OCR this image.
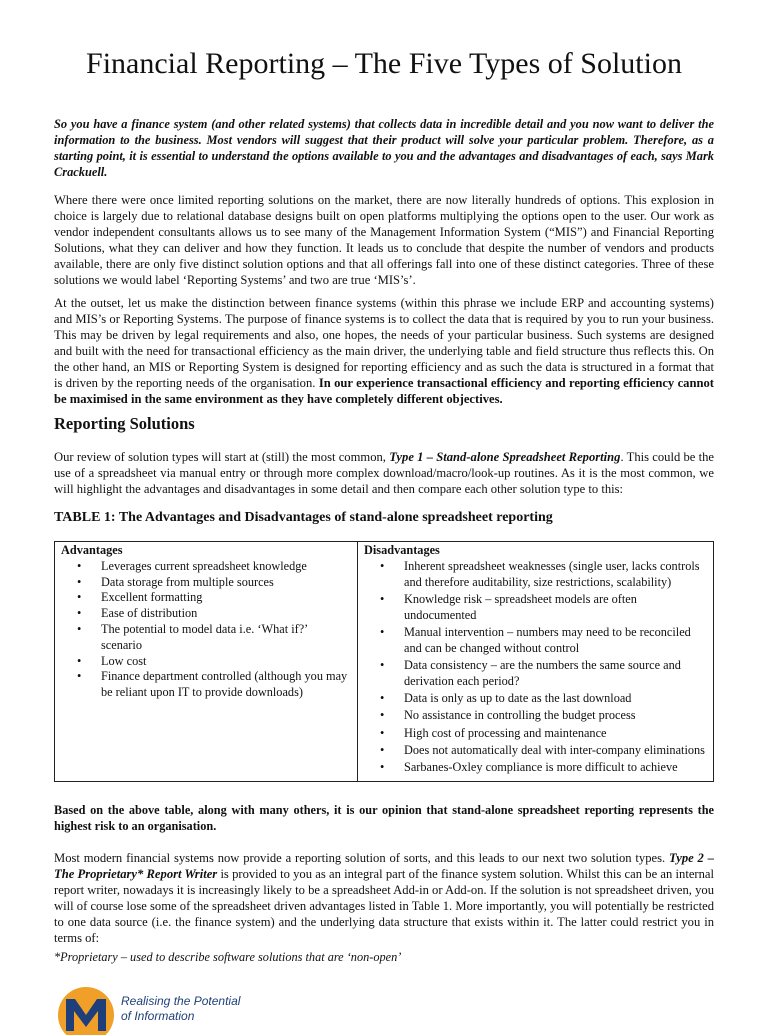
Financial Reporting – The Five Types of Solution

So you have a finance system (and other related systems) that collects data in incredible detail and you now want to deliver the information to the business. Most vendors will suggest that their product will solve your particular problem. Therefore, as a starting point, it is essential to understand the options available to you and the advantages and disadvantages of each, says Mark Crackuell.

Where there were once limited reporting solutions on the market, there are now literally hundreds of options. This explosion in choice is largely due to relational database designs built on open platforms multiplying the options open to the user. Our work as vendor independent consultants allows us to see many of the Management Information System (“MIS”) and Financial Reporting Solutions, what they can deliver and how they function. It leads us to conclude that despite the number of vendors and products available, there are only five distinct solution options and that all offerings fall into one of these distinct categories. Three of these solutions we would label ‘Reporting Systems’ and two are true ‘MIS’s’.

At the outset, let us make the distinction between finance systems (within this phrase we include ERP and accounting systems) and MIS’s or Reporting Systems. The purpose of finance systems is to collect the data that is required by you to run your business. This may be driven by legal requirements and also, one hopes, the needs of your particular business. Such systems are designed and built with the need for transactional efficiency as the main driver, the underlying table and field structure thus reflects this. On the other hand, an MIS or Reporting System is designed for reporting efficiency and as such the data is structured in a format that is driven by the reporting needs of the organisation. In our experience transactional efficiency and reporting efficiency cannot be maximised in the same environment as they have completely different objectives.

Reporting Solutions

Our review of solution types will start at (still) the most common, Type 1 – Stand-alone Spreadsheet Reporting. This could be the use of a spreadsheet via manual entry or through more complex download/macro/look-up routines. As it is the most common, we will highlight the advantages and disadvantages in some detail and then compare each other solution type to this:

TABLE 1: The Advantages and Disadvantages of stand-alone spreadsheet reporting
Advantages
• Leverages current spreadsheet knowledge
• Data storage from multiple sources
• Excellent formatting
• Ease of distribution
• The potential to model data i.e. ‘What if?’ scenario
• Low cost
• Finance department controlled (although you may be reliant upon IT to provide downloads)

Disadvantages
• Inherent spreadsheet weaknesses (single user, lacks controls and therefore auditability, size restrictions, scalability)
• Knowledge risk – spreadsheet models are often undocumented
• Manual intervention – numbers may need to be reconciled and can be changed without control
• Data consistency – are the numbers the same source and derivation each period?
• Data is only as up to date as the last download
• No assistance in controlling the budget process
• High cost of processing and maintenance
• Does not automatically deal with inter-company eliminations
• Sarbanes-Oxley compliance is more difficult to achieve

Based on the above table, along with many others, it is our opinion that stand-alone spreadsheet reporting represents the highest risk to an organisation.

Most modern financial systems now provide a reporting solution of sorts, and this leads to our next two solution types. Type 2 – The Proprietary* Report Writer is provided to you as an integral part of the finance system solution. Whilst this can be an internal report writer, nowadays it is increasingly likely to be a spreadsheet Add-in or Add-on. If the solution is not spreadsheet driven, you will of course lose some of the spreadsheet driven advantages listed in Table 1. More importantly, you will potentially be restricted to one data source (i.e. the finance system) and the underlying data structure that exists within it. The latter could restrict you in terms of:

*Proprietary – used to describe software solutions that are ‘non-open’

Realising the Potential
of Information
